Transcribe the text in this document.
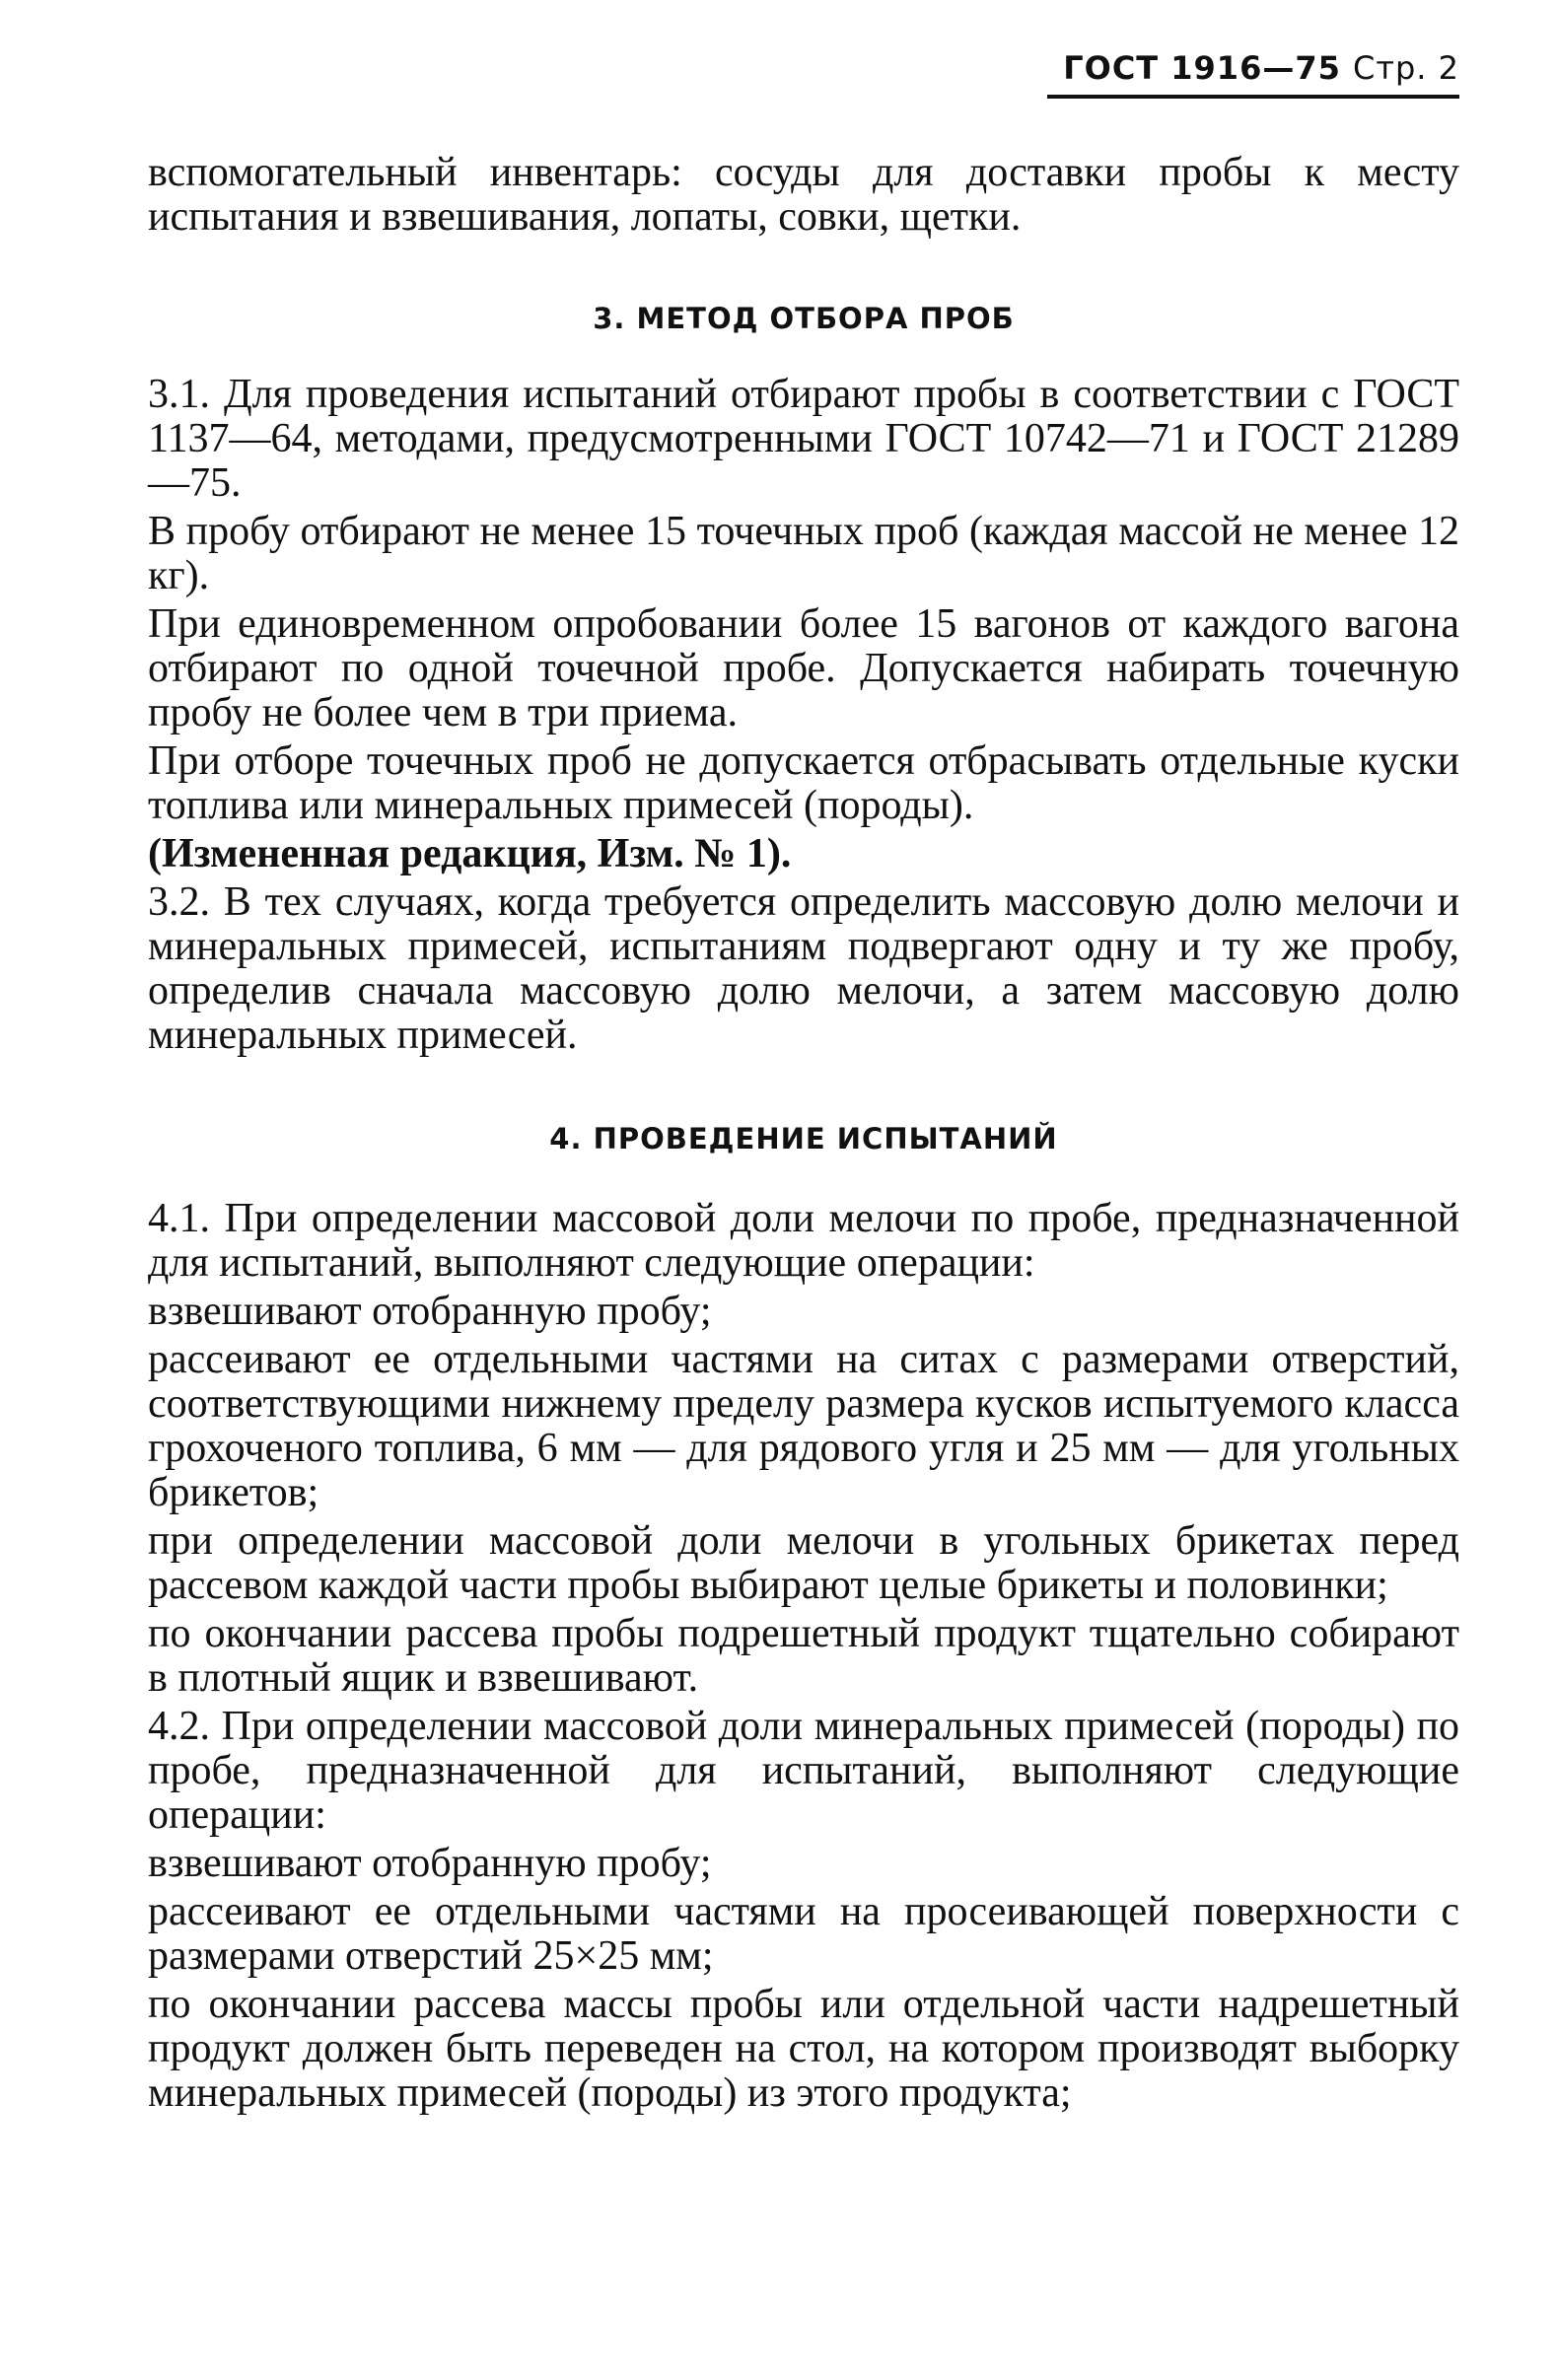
ГОСТ 1916—75 Стр. 2

вспомогательный инвентарь: сосуды для доставки пробы к месту испытания и взвешивания, лопаты, совки, щетки.

3. МЕТОД ОТБОРА ПРОБ

3.1. Для проведения испытаний отбирают пробы в соответствии с ГОСТ 1137—64, методами, предусмотренными ГОСТ 10742—71 и ГОСТ 21289—75.

В пробу отбирают не менее 15 точечных проб (каждая массой не менее 12 кг).

При единовременном опробовании более 15 вагонов от каждого вагона отбирают по одной точечной пробе. Допускается набирать точечную пробу не более чем в три приема.

При отборе точечных проб не допускается отбрасывать отдельные куски топлива или минеральных примесей (породы).

(Измененная редакция, Изм. № 1).

3.2. В тех случаях, когда требуется определить массовую долю мелочи и минеральных примесей, испытаниям подвергают одну и ту же пробу, определив сначала массовую долю мелочи, а затем массовую долю минеральных примесей.

4. ПРОВЕДЕНИЕ ИСПЫТАНИЙ

4.1. При определении массовой доли мелочи по пробе, предназначенной для испытаний, выполняют следующие операции:

взвешивают отобранную пробу;

рассеивают ее отдельными частями на ситах с размерами отверстий, соответствующими нижнему пределу размера кусков испытуемого класса грохоченого топлива, 6 мм — для рядового угля и 25 мм — для угольных брикетов;

при определении массовой доли мелочи в угольных брикетах перед рассевом каждой части пробы выбирают целые брикеты и половинки;

по окончании рассева пробы подрешетный продукт тщательно собирают в плотный ящик и взвешивают.

4.2. При определении массовой доли минеральных примесей (породы) по пробе, предназначенной для испытаний, выполняют следующие операции:

взвешивают отобранную пробу;

рассеивают ее отдельными частями на просеивающей поверхности с размерами отверстий 25×25 мм;

по окончании рассева массы пробы или отдельной части надрешетный продукт должен быть переведен на стол, на котором производят выборку минеральных примесей (породы) из этого продукта;
